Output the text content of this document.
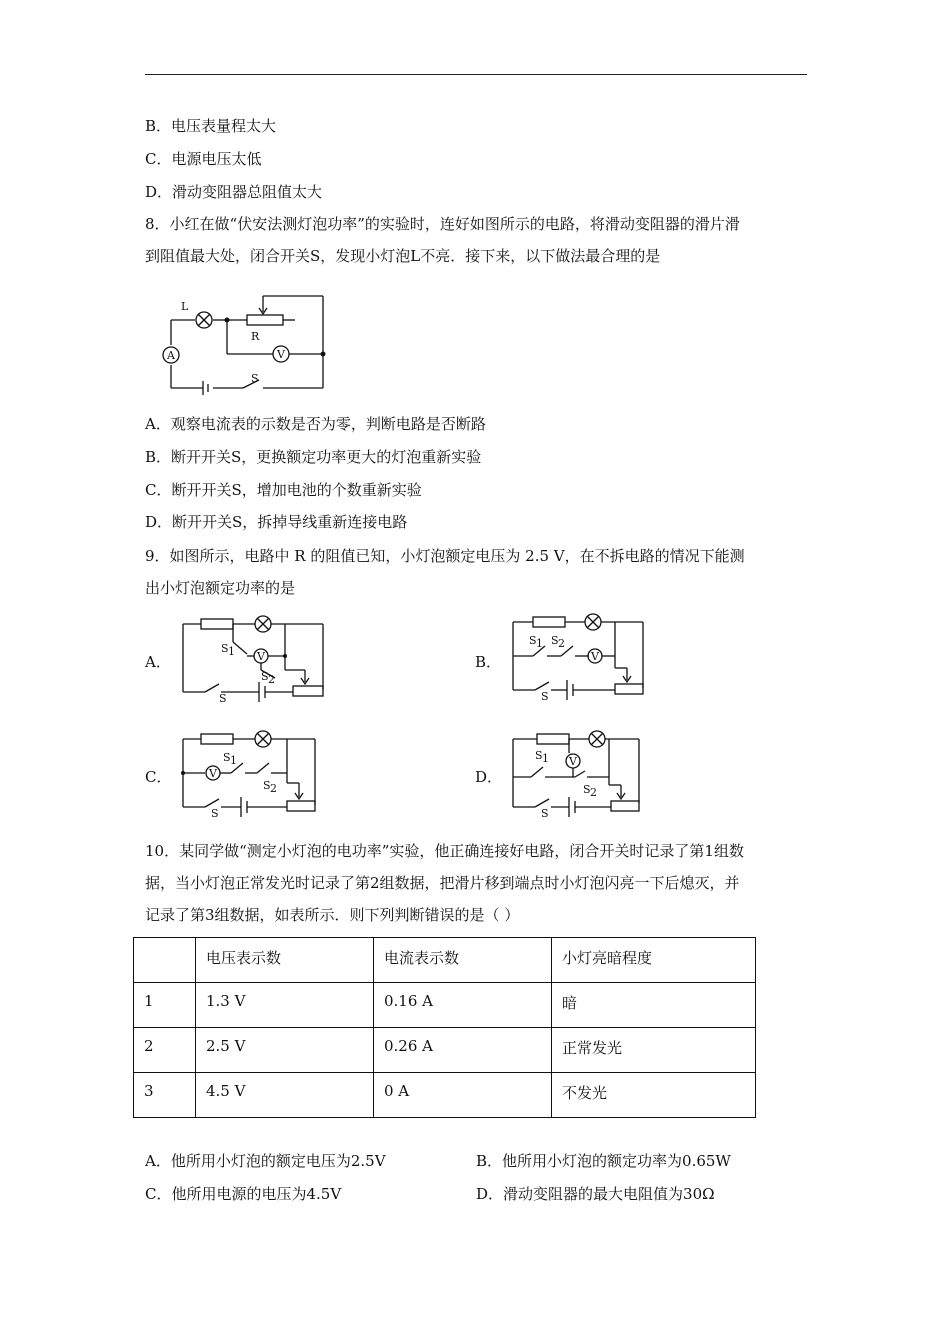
B．电压表量程太大
C．电源电压太低
D．滑动变阻器总阻值太大
8．小红在做“伏安法测灯泡功率”的实验时，连好如图所示的电路，将滑动变阻器的滑片滑
到阻值最大处，闭合开关S，发现小灯泡L不亮．接下来，以下做法最合理的是
L
R
A	V
S
A．观察电流表的示数是否为零，判断电路是否断路
B．断开开关S，更换额定功率更大的灯泡重新实验
C．断开开关S，增加电池的个数重新实验
D．断开开关S，拆掉导线重新连接电路
9．如图所示，电路中 R 的阻值已知，小灯泡额定电压为 2.5 V，在不拆电路的情况下能测
出小灯泡额定功率的是
A．
S 1 V
S 2
S
B．
S 1 S 2
V
S
C．	V
S 1
S 2
S
D．
S 1 V
S 2
S
10．某同学做“测定小灯泡的电功率”实验，他正确连接好电路，闭合开关时记录了第1组数
据，当小灯泡正常发光时记录了第2组数据，把滑片移到端点时小灯泡闪亮一下后熄灭，并
记录了第3组数据，如表所示．则下列判断错误的是（ ）
	电压表示数	电流表示数	小灯亮暗程度
1	1.3 V	0.16 A	暗
2	2.5 V	0.26 A	正常发光
3	4.5 V	0 A	不发光
A．他所用小灯泡的额定电压为2.5V	B．他所用小灯泡的额定功率为0.65W
C．他所用电源的电压为4.5V	D．滑动变阻器的最大电阻值为30Ω
